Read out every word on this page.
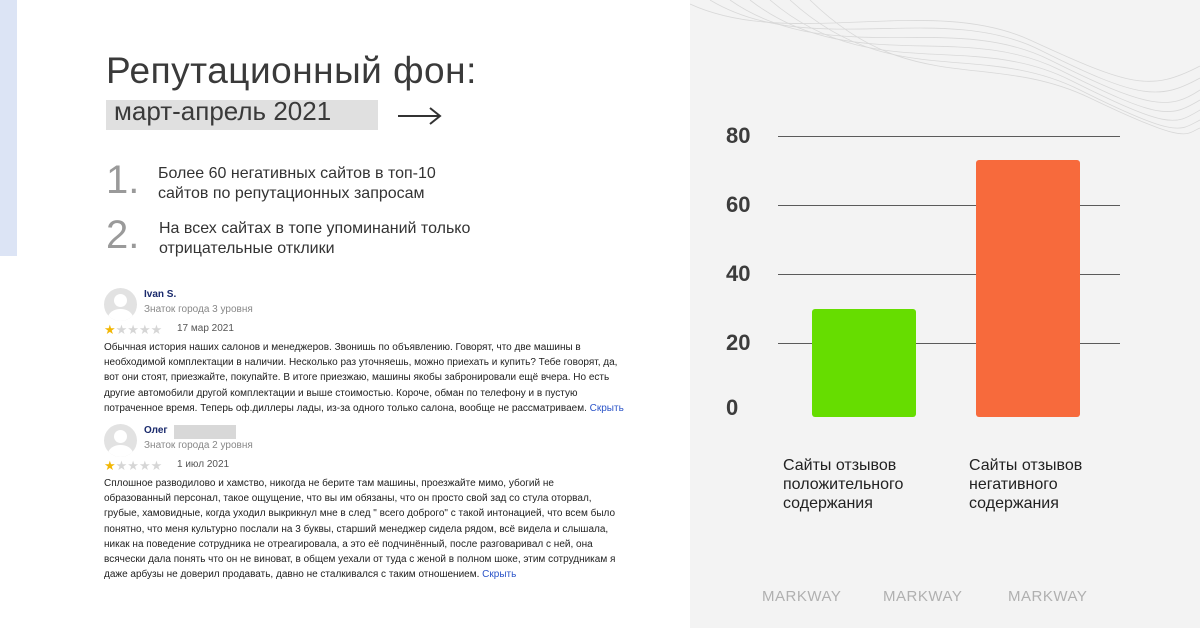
Репутационный фон:
март-апрель 2021
1. Более 60 негативных сайтов в топ-10
сайтов по репутационных запросам
2. На всех сайтах в топе упоминаний только
отрицательные отклики
Ivan S.
Знаток города 3 уровня
★★★★★ 17 мар 2021
Обычная история наших салонов и менеджеров. Звонишь по объявлению. Говорят, что две машины в
необходимой комплектации в наличии. Несколько раз уточняешь, можно приехать и купить? Тебе говорят, да,
вот они стоят, приезжайте, покупайте. В итоге приезжаю, машины якобы забронировали ещё вчера. Но есть
другие автомобили другой комплектации и выше стоимостью. Короче, обман по телефону и в пустую
потраченное время. Теперь оф.диллеры лады, из-за одного только салона, вообще не рассматриваем. Скрыть
Олег
Знаток города 2 уровня
★★★★★ 1 июл 2021
Сплошное разводилово и хамство, никогда не берите там машины, проезжайте мимо, убогий не
образованный персонал, такое ощущение, что вы им обязаны, что он просто свой зад со стула оторвал,
грубые, хамовидные, когда уходил выкрикнул мне в след " всего доброго" с такой интонацией, что всем было
понятно, что меня культурно послали на 3 буквы, старший менеджер сидела рядом, всё видела и слышала,
никак на поведение сотрудника не отреагировала, а это её подчинённый, после разговаривал с ней, она
всячески дала понять что он не виноват, в общем уехали от туда с женой в полном шоке, этим сотрудникам я
даже арбузы не доверил продавать, давно не сталкивался с таким отношением. Скрыть
0
20
40
60
80
Сайты отзывов
положительного
содержания
Сайты отзывов
негативного
содержания
MARKWAY	MARKWAY	MARKWAY
